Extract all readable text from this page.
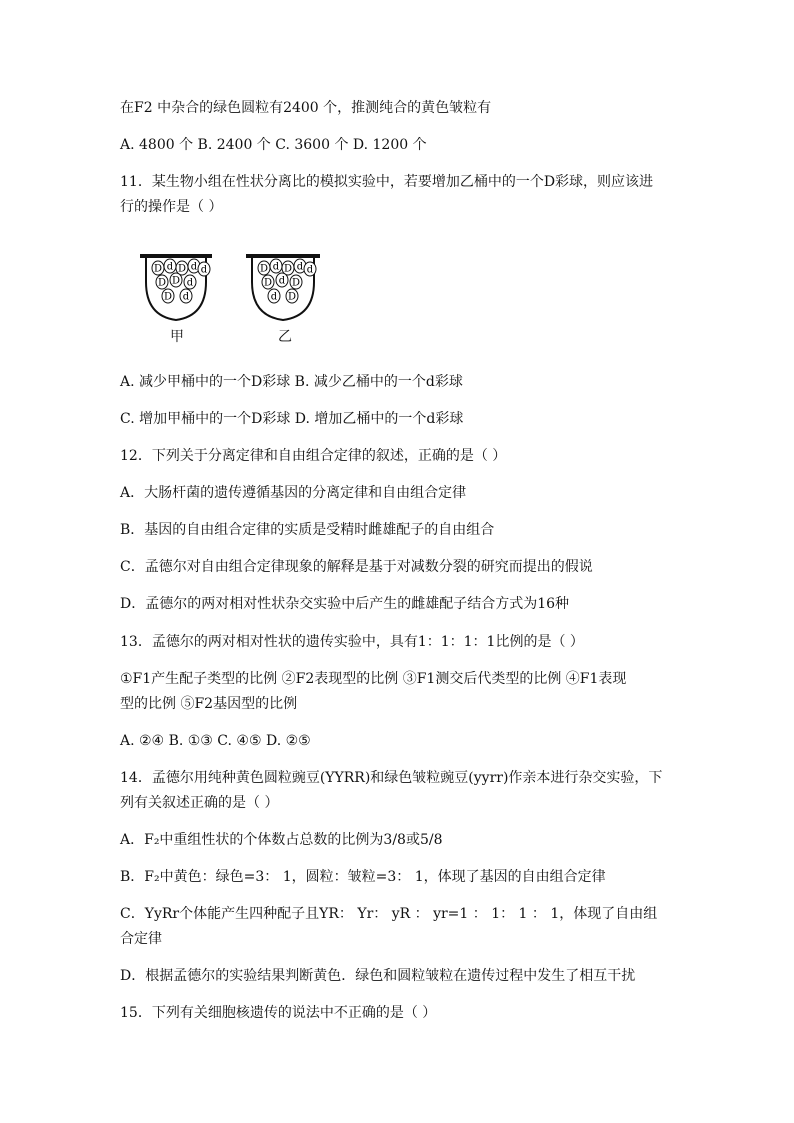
在F2 中杂合的绿色圆粒有2400 个，推测纯合的黄色皱粒有
A. 4800 个 B. 2400 个 C. 3600 个 D. 1200 个
11．某生物小组在性状分离比的模拟实验中，若要增加乙桶中的一个D彩球，则应该进
行的操作是（ ）
A. 减少甲桶中的一个D彩球 B. 减少乙桶中的一个d彩球
C. 增加甲桶中的一个D彩球 D. 增加乙桶中的一个d彩球
12．下列关于分离定律和自由组合定律的叙述，正确的是（ ）
A．大肠杆菌的遗传遵循基因的分离定律和自由组合定律
B．基因的自由组合定律的实质是受精时雌雄配子的自由组合
C．孟德尔对自由组合定律现象的解释是基于对减数分裂的研究而提出的假说
D．孟德尔的两对相对性状杂交实验中后产生的雌雄配子结合方式为16种
13．孟德尔的两对相对性状的遗传实验中，具有1：1：1：1比例的是（ ）
①F1产生配子类型的比例 ②F2表现型的比例 ③F1测交后代类型的比例 ④F1表现
型的比例 ⑤F2基因型的比例
A. ②④ B. ①③ C. ④⑤ D. ②⑤
14．孟德尔用纯种黄色圆粒豌豆(YYRR)和绿色皱粒豌豆(yyrr)作亲本进行杂交实验，下
列有关叙述正确的是（ ）
A．F₂中重组性状的个体数占总数的比例为3/8或5/8
B．F₂中黄色：绿色=3： 1，圆粒：皱粒=3： 1，体现了基因的自由组合定律
C．YyRr个体能产生四种配子且YR： Yr： yR ： yr=1 ： 1： 1 ： 1，体现了自由组
合定律
D．根据孟德尔的实验结果判断黄色．绿色和圆粒皱粒在遗传过程中发生了相互干扰
15．下列有关细胞核遗传的说法中不正确的是（ ）
D d D d d
D D d
D d
D d D d d
D d D
d D
甲	乙
